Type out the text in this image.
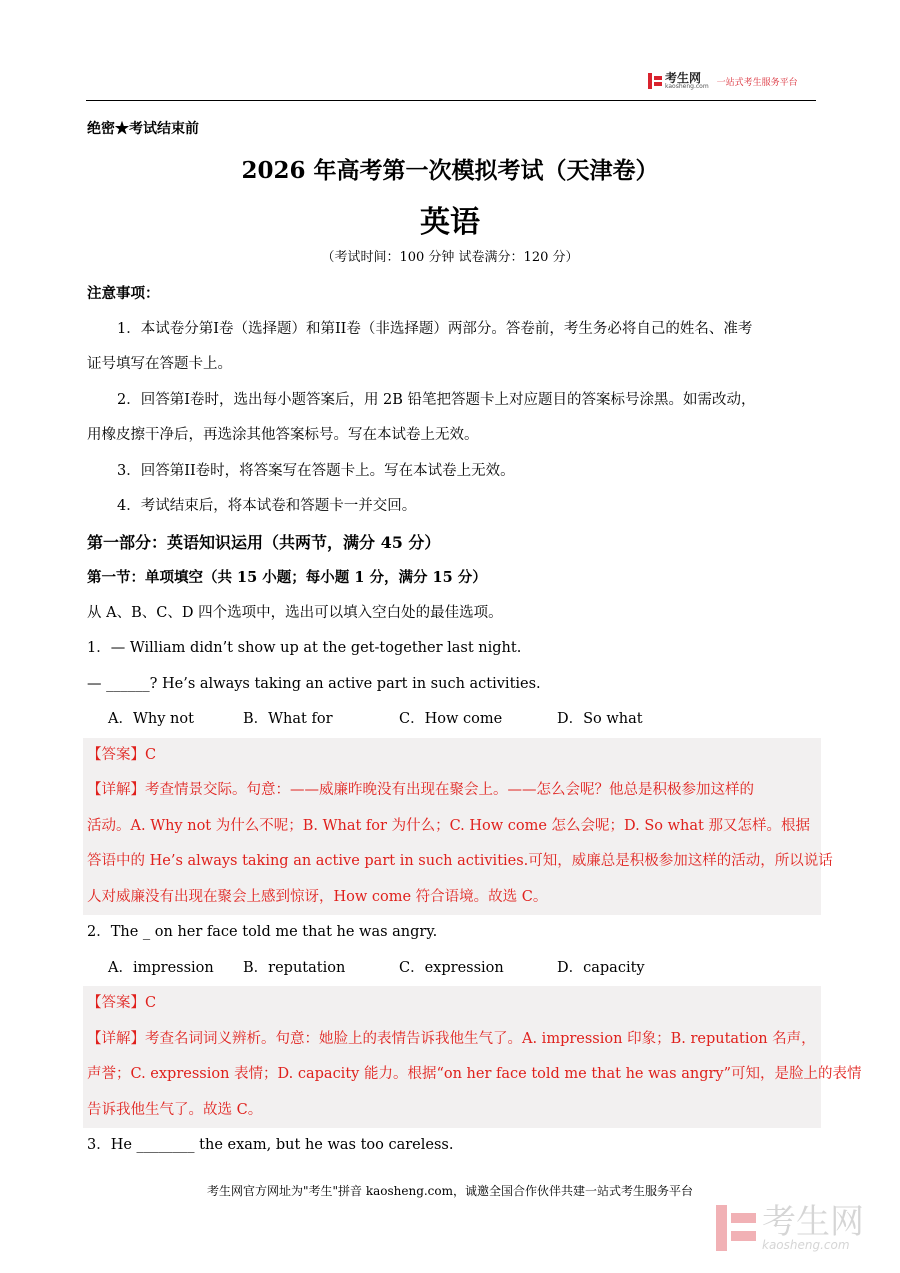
考生网
kaosheng.com 一站式考生服务平台
绝密★考试结束前
2026 年高考第一次模拟考试（天津卷）
英语
（考试时间：100 分钟 试卷满分：120 分）
注意事项：
1．本试卷分第I卷（选择题）和第II卷（非选择题）两部分。答卷前，考生务必将自己的姓名、准考
证号填写在答题卡上。
2．回答第I卷时，选出每小题答案后，用 2B 铅笔把答题卡上对应题目的答案标号涂黑。如需改动，
用橡皮擦干净后，再选涂其他答案标号。写在本试卷上无效。
3．回答第II卷时，将答案写在答题卡上。写在本试卷上无效。
4．考试结束后，将本试卷和答题卡一并交回。
第一部分：英语知识运用（共两节，满分 45 分）
第一节：单项填空（共 15 小题；每小题 1 分，满分 15 分）
从 A、B、C、D 四个选项中，选出可以填入空白处的最佳选项。
1．— William didn’t show up at the get-together last night.
— ______? He’s always taking an active part in such activities.
A．Why not	B．What for	C．How come	D．So what
【答案】C
【详解】考查情景交际。句意：——威廉昨晚没有出现在聚会上。——怎么会呢？他总是积极参加这样的
活动。A. Why not 为什么不呢；B. What for 为什么；C. How come 怎么会呢；D. So what 那又怎样。根据
答语中的 He’s always taking an active part in such activities.可知，威廉总是积极参加这样的活动，所以说话
人对威廉没有出现在聚会上感到惊讶，How come 符合语境。故选 C。
2．The _ on her face told me that he was angry.
A．impression	B．reputation	C．expression	D．capacity
【答案】C
【详解】考查名词词义辨析。句意：她脸上的表情告诉我他生气了。A. impression 印象；B. reputation 名声，
声誉；C. expression 表情；D. capacity 能力。根据“on her face told me that he was angry”可知，是脸上的表情
告诉我他生气了。故选 C。
3．He ________ the exam, but he was too careless.
考生网官方网址为"考生"拼音 kaosheng.com，诚邀全国合作伙伴共建一站式考生服务平台
考生网
kaosheng.com
